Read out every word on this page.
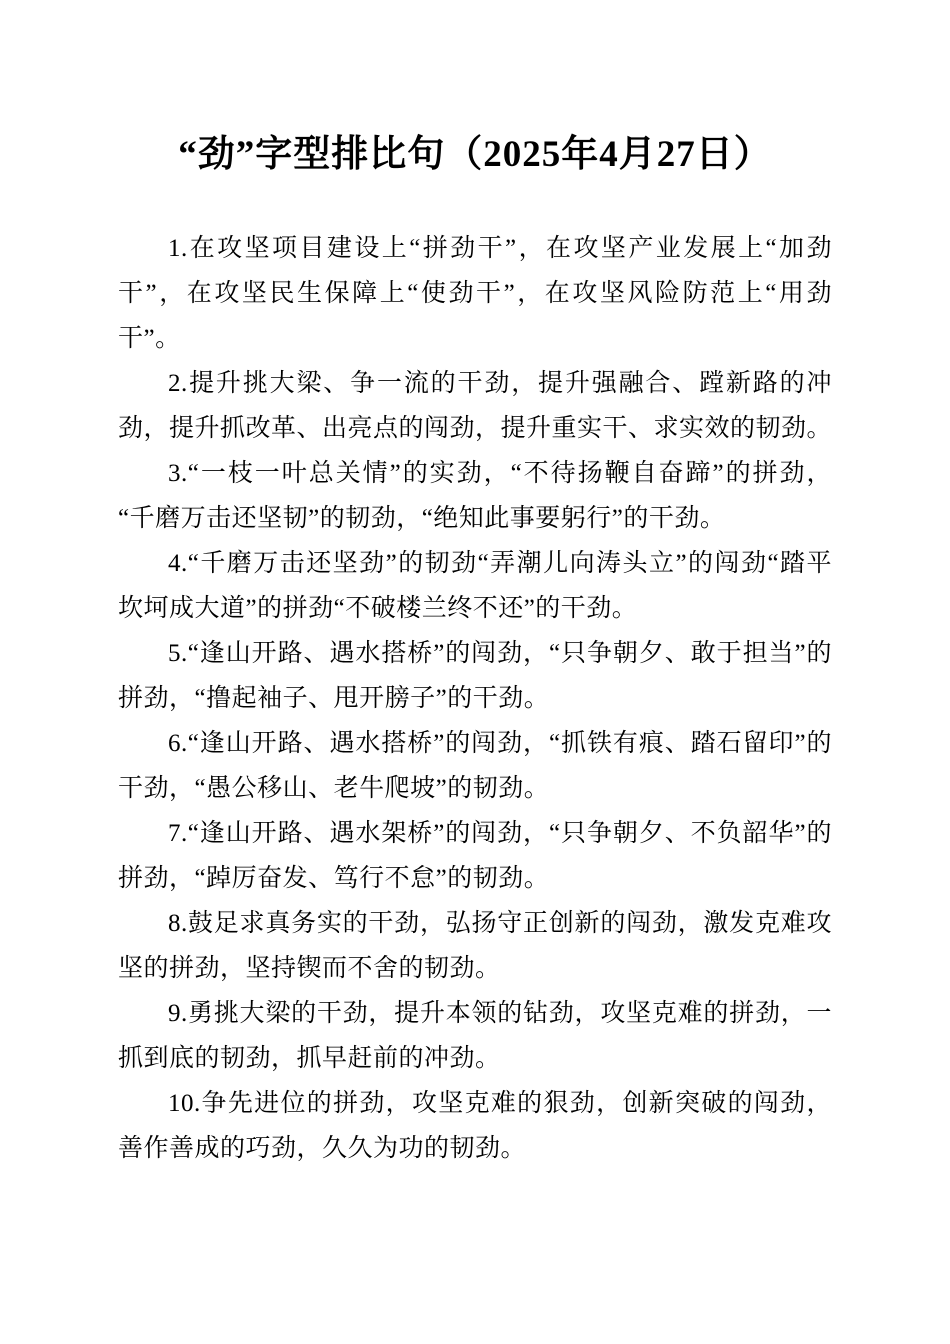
“劲”字型排比句（2025年4月27日）

1.在攻坚项目建设上“拼劲干”，在攻坚产业发展上“加劲干”，在攻坚民生保障上“使劲干”，在攻坚风险防范上“用劲干”。

2.提升挑大梁、争一流的干劲，提升强融合、蹚新路的冲劲，提升抓改革、出亮点的闯劲，提升重实干、求实效的韧劲。

3.“一枝一叶总关情”的实劲，“不待扬鞭自奋蹄”的拼劲，“千磨万击还坚韧”的韧劲，“绝知此事要躬行”的干劲。

4.“千磨万击还坚劲”的韧劲“弄潮儿向涛头立”的闯劲“踏平坎坷成大道”的拼劲“不破楼兰终不还”的干劲。

5.“逢山开路、遇水搭桥”的闯劲，“只争朝夕、敢于担当”的拼劲，“撸起袖子、甩开膀子”的干劲。

6.“逢山开路、遇水搭桥”的闯劲，“抓铁有痕、踏石留印”的干劲，“愚公移山、老牛爬坡”的韧劲。

7.“逢山开路、遇水架桥”的闯劲，“只争朝夕、不负韶华”的拼劲，“踔厉奋发、笃行不怠”的韧劲。

8.鼓足求真务实的干劲，弘扬守正创新的闯劲，激发克难攻坚的拼劲，坚持锲而不舍的韧劲。

9.勇挑大梁的干劲，提升本领的钻劲，攻坚克难的拼劲，一抓到底的韧劲，抓早赶前的冲劲。

10.争先进位的拼劲，攻坚克难的狠劲，创新突破的闯劲，善作善成的巧劲，久久为功的韧劲。
